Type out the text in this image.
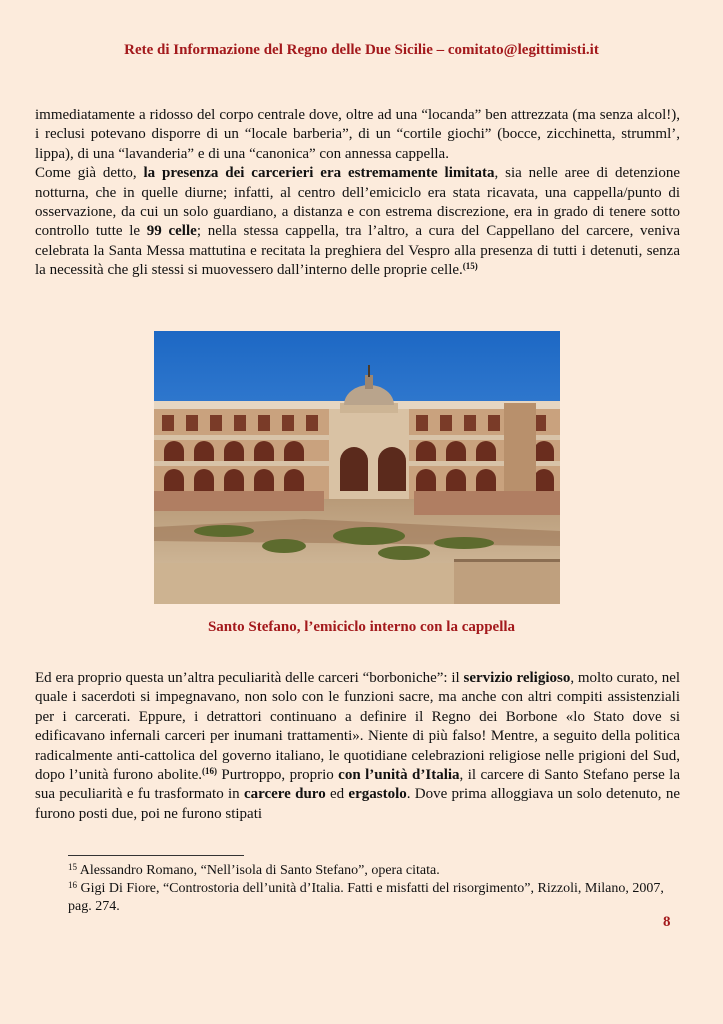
Rete di Informazione del Regno delle Due Sicilie – comitato@legittimisti.it

immediatamente a ridosso del corpo centrale dove, oltre ad una “locanda” ben attrezzata (ma senza alcol!), i reclusi potevano disporre di un “locale barberia”, di un “cortile giochi” (bocce, zicchinetta, strumml’, lippa), di una “lavanderia” e di una “canonica” con annessa cappella.

Come già detto, la presenza dei carcerieri era estremamente limitata, sia nelle aree di detenzione notturna, che in quelle diurne; infatti, al centro dell’emiciclo era stata ricavata, una cappella/punto di osservazione, da cui un solo guardiano, a distanza e con estrema discrezione, era in grado di tenere sotto controllo tutte le 99 celle; nella stessa cappella, tra l’altro, a cura del Cappellano del carcere, veniva celebrata la Santa Messa mattutina e recitata la preghiera del Vespro alla presenza di tutti i detenuti, senza la necessità che gli stessi si muovessero dall’interno delle proprie celle.$^{(15)}$

Santo Stefano, l’emiciclo interno con la cappella

Ed era proprio questa un’altra peculiarità delle carceri “borboniche”: il servizio religioso, molto curato, nel quale i sacerdoti si impegnavano, non solo con le funzioni sacre, ma anche con altri compiti assistenziali per i carcerati. Eppure, i detrattori continuano a definire il Regno dei Borbone «lo Stato dove si edificavano infernali carceri per inumani trattamenti». Niente di più falso! Mentre, a seguito della politica radicalmente anti-cattolica del governo italiano, le quotidiane celebrazioni religiose nelle prigioni del Sud, dopo l’unità furono abolite.$^{(16)}$ Purtroppo, proprio con l’unità d’Italia, il carcere di Santo Stefano perse la sua peculiarità e fu trasformato in carcere duro ed ergastolo. Dove prima alloggiava un solo detenuto, ne furono posti due, poi ne furono stipati

$^{15}$ Alessandro Romano, “Nell’isola di Santo Stefano”, opera citata.

$^{16}$ Gigi Di Fiore, “Controstoria dell’unità d’Italia. Fatti e misfatti del risorgimento”, Rizzoli, Milano, 2007, pag. 274.

8
